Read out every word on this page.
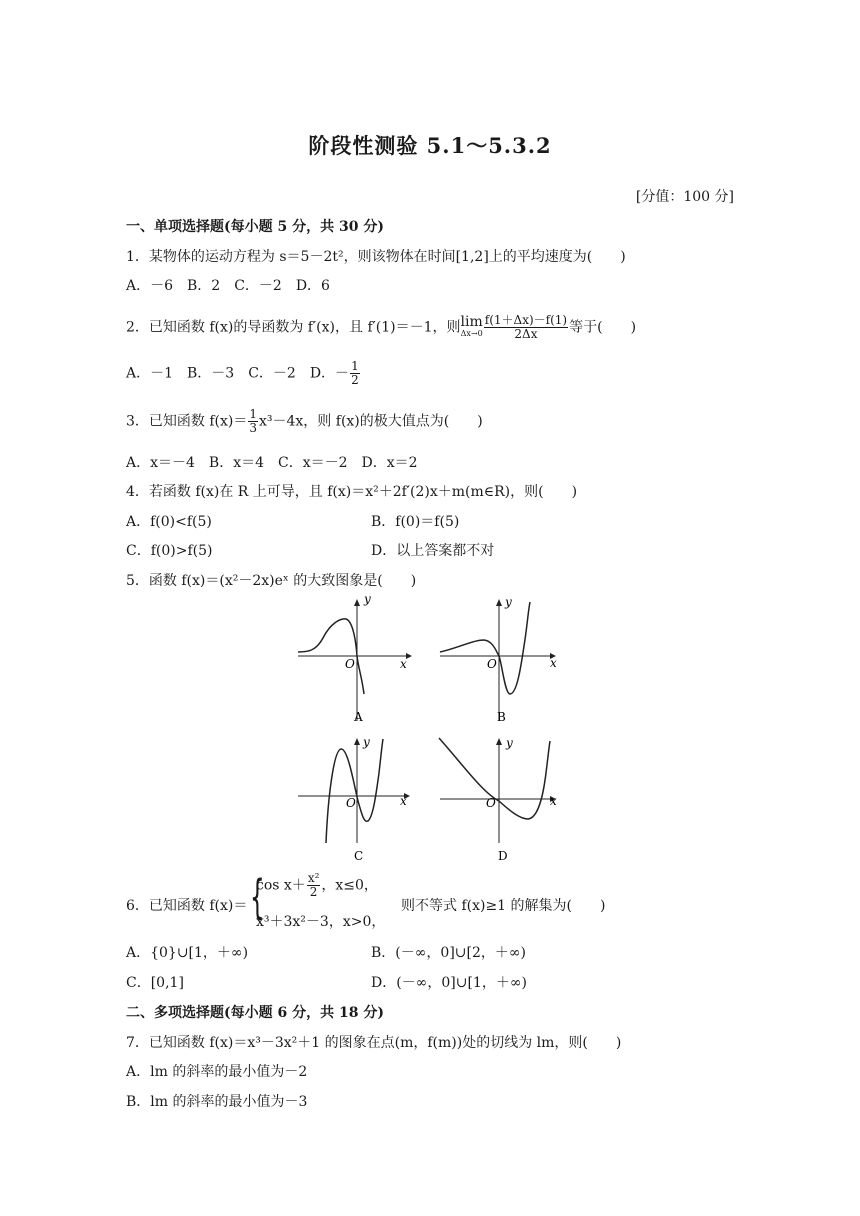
阶段性测验 5.1～5.3.2
[分值：100 分]
一、单项选择题(每小题 5 分，共 30 分)
1．某物体的运动方程为 s＝5－2t²，则该物体在时间[1,2]上的平均速度为(　　)
A．－6　B．2　C．－2　D．6
2．已知函数 f(x)的导函数为 f′(x)，且 f′(1)＝－1，则 lim
$\Delta x\to 0 \frac{f(1+\Delta x)-f(1)}{2\Delta x}$ 等于(　　)
A．－1　B．－3　C．－2　D．－ $\frac{1}{2}$
3．已知函数 $f(x)= \frac{1}{3} x^3-4x$，则 f(x)的极大值点为(　　)
A．x＝－4　B．x＝4　C．x＝－2　D．x＝2
4．若函数 f(x)在 R 上可导，且 f(x)＝x²＋2f′(2)x＋m(m∈R)，则(　　)
A．f(0)<f(5)	B．f(0)＝f(5)
C．f(0)>f(5)	D．以上答案都不对
5．函数 f(x)＝(x²－2x)eˣ 的大致图象是(　　)
y
x
O
A
y
x
O
B
y
x
O
C
y
x
O
D
6．已知函数 f(x)＝ {
$\cos x+ \frac{\text{x²}}{2}$ ，x≤0，
x³＋3x²－3，x>0，
则不等式 f(x)≥1 的解集为(　　)
A．{0}∪[1，＋∞)	B．(－∞，0]∪[2，＋∞)
C．[0,1]	D．(－∞，0]∪[1，＋∞)
二、多项选择题(每小题 6 分，共 18 分)
7．已知函数 f(x)＝x³－3x²＋1 的图象在点(m，f(m))处的切线为 lm，则(　　)
A．lm 的斜率的最小值为－2
B．lm 的斜率的最小值为－3
